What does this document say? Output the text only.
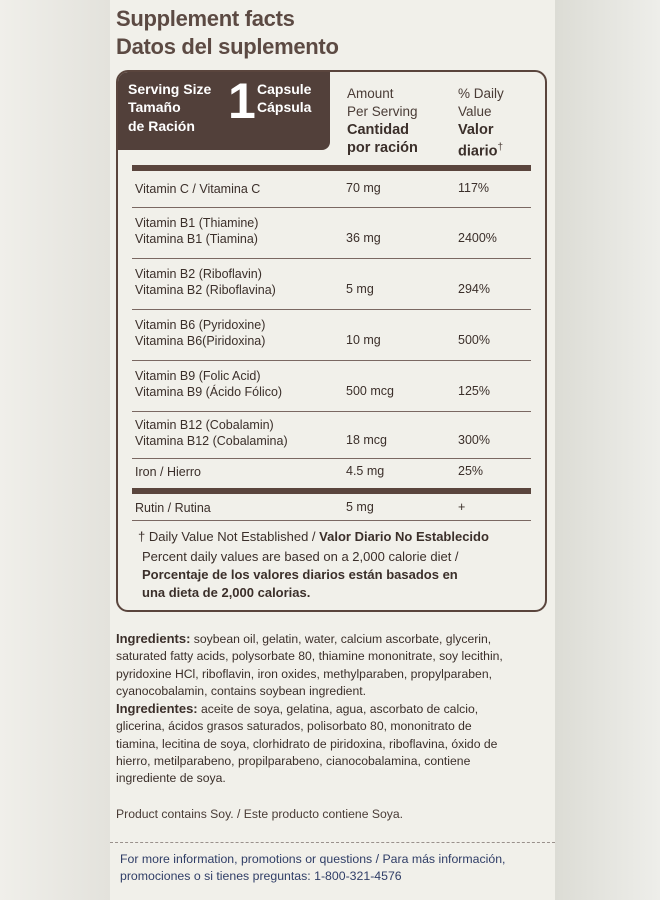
Supplement facts
Datos del suplemento
Serving Size
Tamaño
de Ración 1 Capsule
Cápsula
Amount
Per Serving
Cantidad
por ración
% Daily
Value
Valor
diario†
Vitamin C / Vitamina C	70 mg	117%
Vitamin B1 (Thiamine)
Vitamina B1 (Tiamina)	36 mg	2400%
Vitamin B2 (Riboflavin)
Vitamina B2 (Riboflavina)	5 mg	294%
Vitamin B6 (Pyridoxine)
Vitamina B6(Piridoxina)	10 mg	500%
Vitamin B9 (Folic Acid)
Vitamina B9 (Ácido Fólico)	500 mcg	125%
Vitamin B12 (Cobalamin)
Vitamina B12 (Cobalamina)	18 mcg	300%
Iron / Hierro	4.5 mg	25%
Rutin / Rutina	5 mg	+
† Daily Value Not Established / Valor Diario No Establecido
Percent daily values are based on a 2,000 calorie diet /
Porcentaje de los valores diarios están basados en
una dieta de 2,000 calorias.
Ingredients: soybean oil, gelatin, water, calcium ascorbate, glycerin,
saturated fatty acids, polysorbate 80, thiamine mononitrate, soy lecithin,
pyridoxine HCl, riboflavin, iron oxides, methylparaben, propylparaben,
cyanocobalamin, contains soybean ingredient.
Ingredientes: aceite de soya, gelatina, agua, ascorbato de calcio,
glicerina, ácidos grasos saturados, polisorbato 80, mononitrato de
tiamina, lecitina de soya, clorhidrato de piridoxina, riboflavina, óxido de
hierro, metilparabeno, propilparabeno, cianocobalamina, contiene
ingrediente de soya.
Product contains Soy. / Este producto contiene Soya.
For more information, promotions or questions / Para más información,
promociones o si tienes preguntas: 1-800-321-4576
